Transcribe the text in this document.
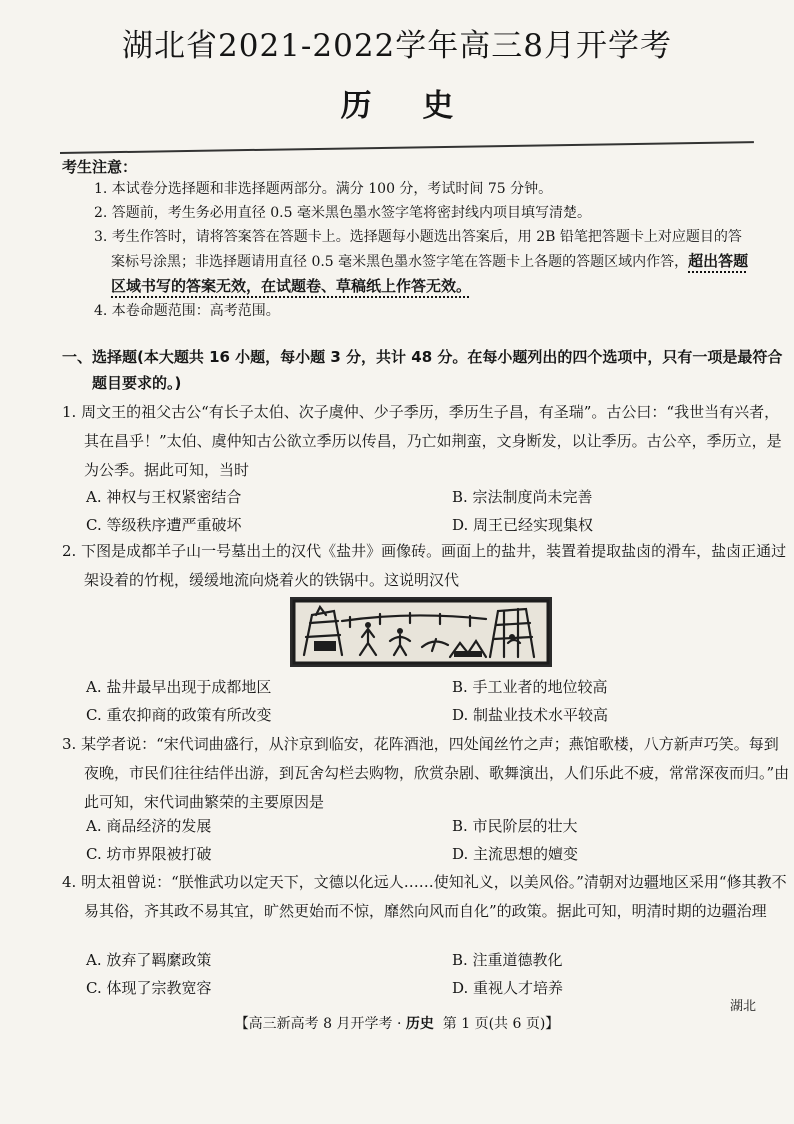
湖北省2021-2022学年高三8月开学考
历 史
考生注意：
1. 本试卷分选择题和非选择题两部分。满分 100 分，考试时间 75 分钟。
2. 答题前，考生务必用直径 0.5 毫米黑色墨水签字笔将密封线内项目填写清楚。
3. 考生作答时，请将答案答在答题卡上。选择题每小题选出答案后，用 2B 铅笔把答题卡上对应题目的答案标号涂黑；非选择题请用直径 0.5 毫米黑色墨水签字笔在答题卡上各题的答题区域内作答，超出答题区域书写的答案无效，在试题卷、草稿纸上作答无效。
4. 本卷命题范围：高考范围。
一、选择题(本大题共 16 小题，每小题 3 分，共计 48 分。在每小题列出的四个选项中，只有一项是最符合题目要求的。)
1. 周文王的祖父古公“有长子太伯、次子虞仲、少子季历，季历生子昌，有圣瑞”。古公曰：“我世当有兴者，其在昌乎！”太伯、虞仲知古公欲立季历以传昌，乃亡如荆蛮，文身断发，以让季历。古公卒，季历立，是为公季。据此可知，当时
A. 神权与王权紧密结合	B. 宗法制度尚未完善
C. 等级秩序遭严重破坏	D. 周王已经实现集权
2. 下图是成都羊子山一号墓出土的汉代《盐井》画像砖。画面上的盐井，装置着提取盐卤的滑车，盐卤正通过架设着的竹枧，缓缓地流向烧着火的铁锅中。这说明汉代
A. 盐井最早出现于成都地区	B. 手工业者的地位较高
C. 重农抑商的政策有所改变	D. 制盐业技术水平较高
3. 某学者说：“宋代词曲盛行，从汴京到临安，花阵酒池，四处闻丝竹之声；燕馆歌楼，八方新声巧笑。每到夜晚，市民们往往结伴出游，到瓦舍勾栏去购物，欣赏杂剧、歌舞演出，人们乐此不疲，常常深夜而归。”由此可知，宋代词曲繁荣的主要原因是
A. 商品经济的发展	B. 市民阶层的壮大
C. 坊市界限被打破	D. 主流思想的嬗变
4. 明太祖曾说：“朕惟武功以定天下，文德以化远人……使知礼义，以美风俗。”清朝对边疆地区采用“修其教不易其俗，齐其政不易其宜，旷然更始而不惊，靡然向风而自化”的政策。据此可知，明清时期的边疆治理
A. 放弃了羁縻政策	B. 注重道德教化
C. 体现了宗教宽容	D. 重视人才培养
湖北
【高三新高考 8 月开学考 · 历史 第 1 页(共 6 页)】
